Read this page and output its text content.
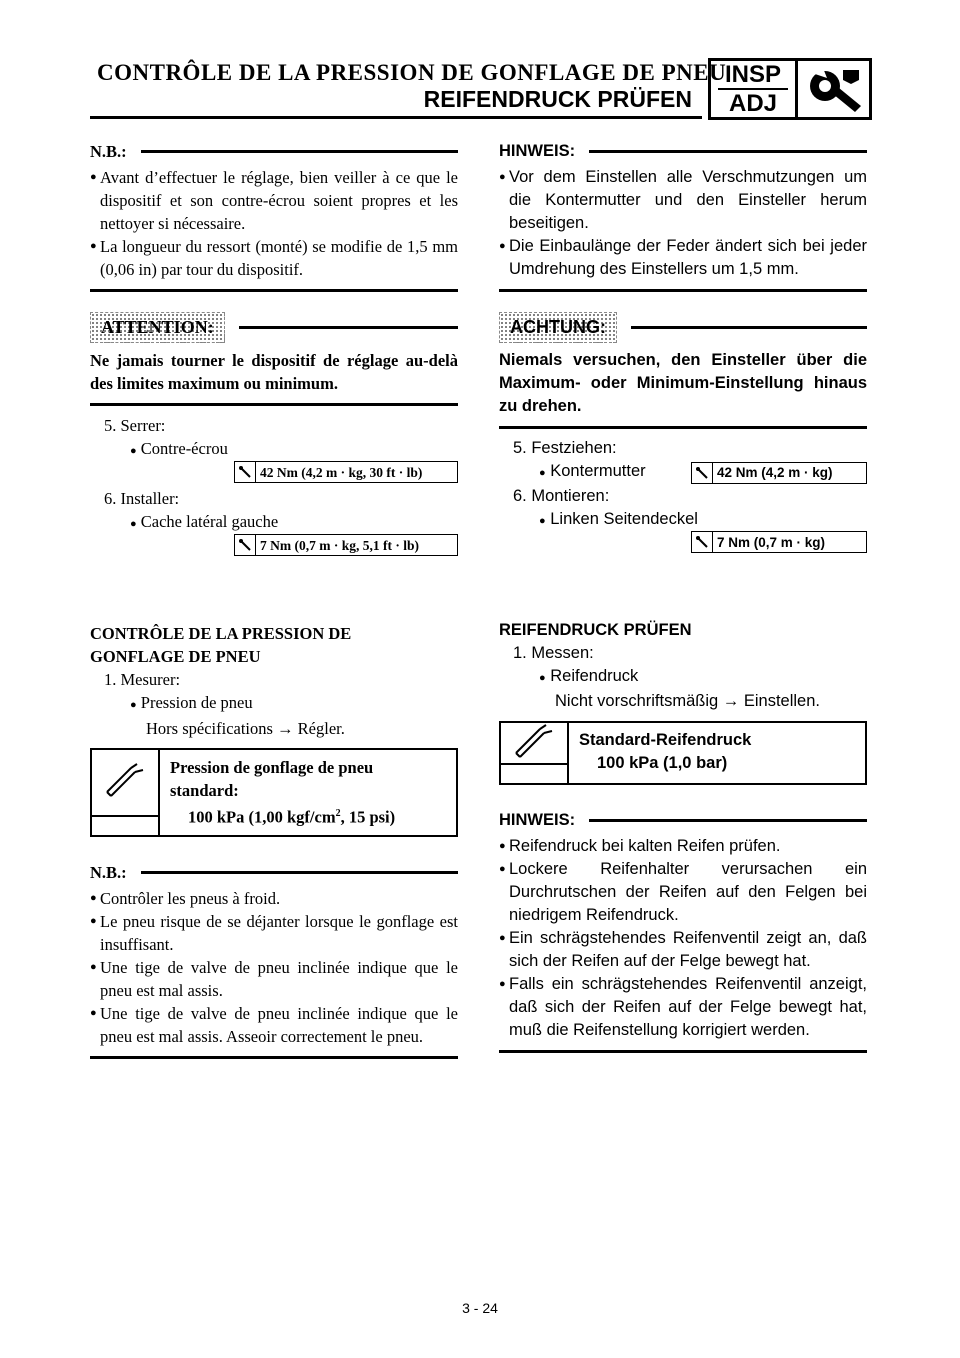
CONTRÔLE DE LA PRESSION DE GONFLAGE DE PNEU
REIFENDRUCK PRÜFEN
INSP
ADJ
N.B.:
● Avant d’effectuer le réglage, bien veiller à ce que le dispositif et son contre-écrou soient propres et les nettoyer si nécessaire.
● La longueur du ressort (monté) se modifie de 1,5 mm (0,06 in) par tour du dispositif.
ATTENTION:
Ne jamais tourner le dispositif de réglage au-delà des limites maximum ou minimum.
5. Serrer:
● Contre-écrou
42 Nm (4,2 m · kg, 30 ft · lb)
6. Installer:
● Cache latéral gauche
7 Nm (0,7 m · kg, 5,1 ft · lb)
CONTRÔLE DE LA PRESSION DE
GONFLAGE DE PNEU
1. Mesurer:
● Pression de pneu
Hors spécifications → Régler.
Pression de gonflage de pneu standard:
100 kPa (1,00 kgf/$cm^2$, 15 psi)
N.B.:
● Contrôler les pneus à froid.
● Le pneu risque de se déjanter lorsque le gonflage est insuffisant.
● Une tige de valve de pneu inclinée indique que le pneu est mal assis.
● Une tige de valve de pneu inclinée indique que le pneu est mal assis. Asseoir correctement le pneu.
HINWEIS:
● Vor dem Einstellen alle Verschmutzungen um die Kontermutter und den Einsteller herum beseitigen.
● Die Einbaulänge der Feder ändert sich bei jeder Umdrehung des Einstellers um 1,5 mm.
ACHTUNG:
Niemals versuchen, den Einsteller über die Maximum- oder Minimum-Einstellung hinaus zu drehen.
5. Festziehen:
● Kontermutter	42 Nm (4,2 m · kg)
6. Montieren:
● Linken Seitendeckel
7 Nm (0,7 m · kg)
REIFENDRUCK PRÜFEN
1. Messen:
● Reifendruck
Nicht vorschriftsmäßig → Einstellen.
Standard-Reifendruck
100 kPa (1,0 bar)
HINWEIS:
● Reifendruck bei kalten Reifen prüfen.
● Lockere Reifenhalter verursachen ein Durchrutschen der Reifen auf den Felgen bei niedrigem Reifendruck.
● Ein schrägstehendes Reifenventil zeigt an, daß sich der Reifen auf der Felge bewegt hat.
● Falls ein schrägstehendes Reifenventil anzeigt, daß sich der Reifen auf der Felge bewegt hat, muß die Reifenstellung korrigiert werden.
3 - 24
